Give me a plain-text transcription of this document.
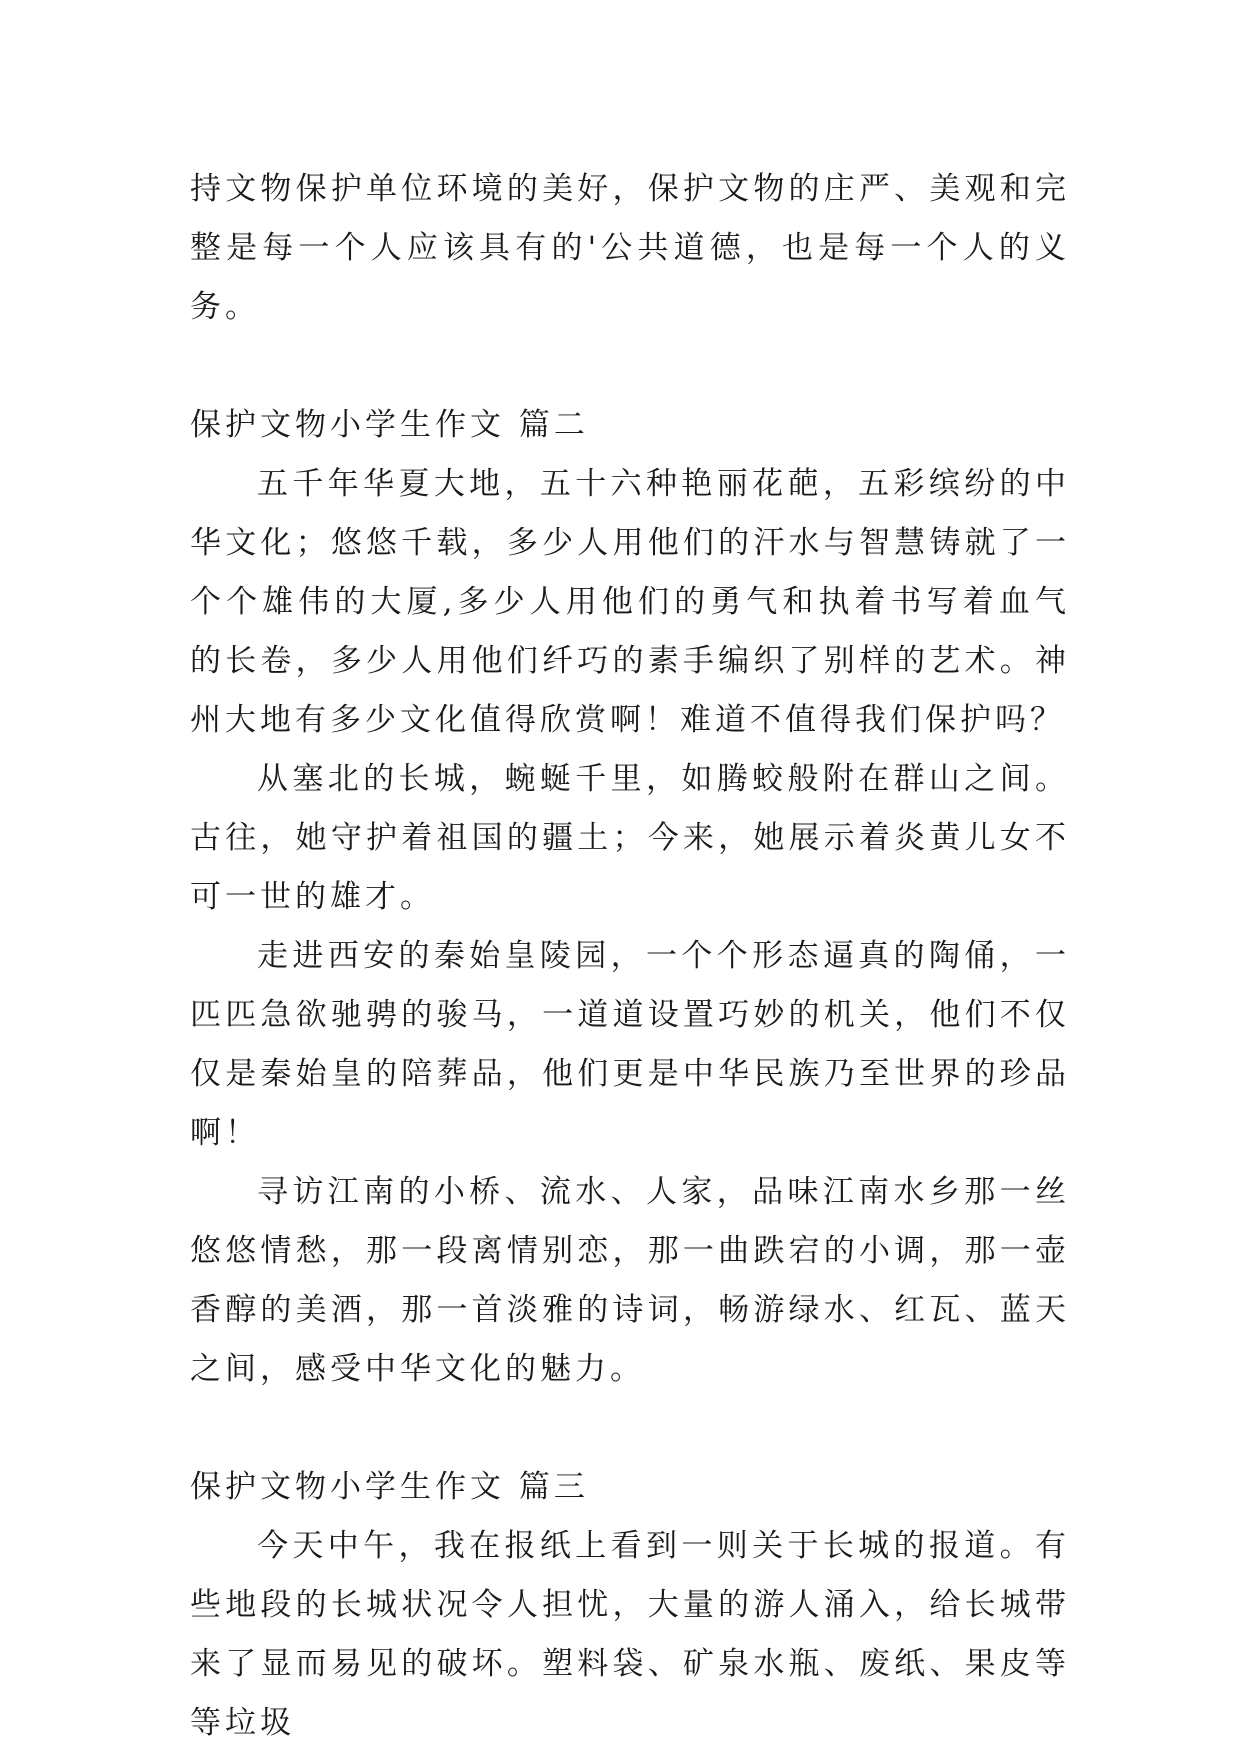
持文物保护单位环境的美好，保护文物的庄严、美观和完整是每一个人应该具有的'公共道德，也是每一个人的义务。

保护文物小学生作文 篇二

五千年华夏大地，五十六种艳丽花葩，五彩缤纷的中华文化；悠悠千载，多少人用他们的汗水与智慧铸就了一个个雄伟的大厦,多少人用他们的勇气和执着书写着血气的长卷，多少人用他们纤巧的素手编织了别样的艺术。神州大地有多少文化值得欣赏啊！难道不值得我们保护吗？

从塞北的长城，蜿蜒千里，如腾蛟般附在群山之间。古往，她守护着祖国的疆土；今来，她展示着炎黄儿女不可一世的雄才。

走进西安的秦始皇陵园，一个个形态逼真的陶俑，一匹匹急欲驰骋的骏马，一道道设置巧妙的机关，他们不仅仅是秦始皇的陪葬品，他们更是中华民族乃至世界的珍品啊！

寻访江南的小桥、流水、人家，品味江南水乡那一丝悠悠情愁，那一段离情别恋，那一曲跌宕的小调，那一壶香醇的美酒，那一首淡雅的诗词，畅游绿水、红瓦、蓝天之间，感受中华文化的魅力。

保护文物小学生作文 篇三

今天中午，我在报纸上看到一则关于长城的报道。有些地段的长城状况令人担忧，大量的游人涌入，给长城带来了显而易见的破坏。塑料袋、矿泉水瓶、废纸、果皮等等垃圾
